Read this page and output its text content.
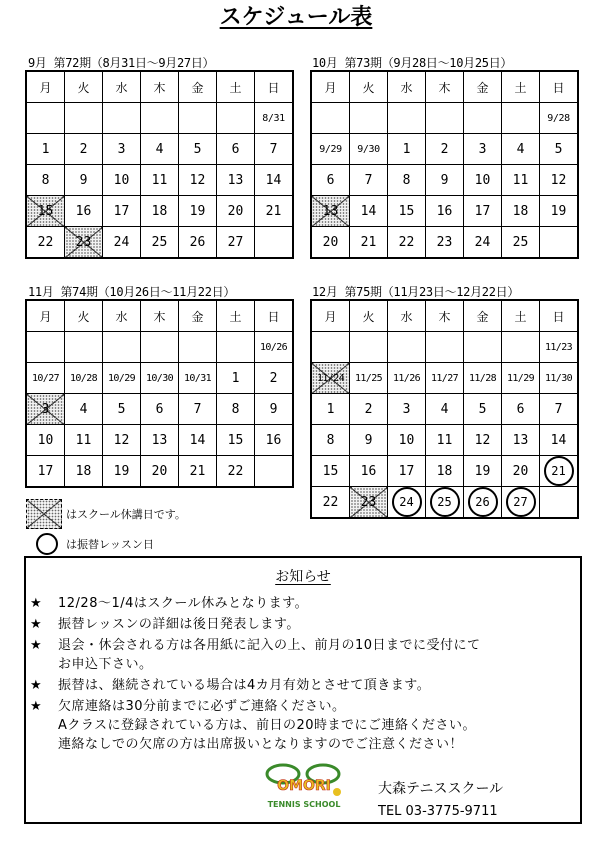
スケジュール表
9月 第72期（8月31日～9月27日）
月	火	水	木	金	土	日
						8/31
1	2	3	4	5	6	7
8	9	10	11	12	13	14
15	16	17	18	19	20	21
22	23	24	25	26	27	
10月 第73期（9月28日～10月25日）
月	火	水	木	金	土	日
						9/28
9/29	9/30	1	2	3	4	5
6	7	8	9	10	11	12
13	14	15	16	17	18	19
20	21	22	23	24	25	
11月 第74期（10月26日～11月22日）
月	火	水	木	金	土	日
						10/26
10/27	10/28	10/29	10/30	10/31	1	2
3	4	5	6	7	8	9
10	11	12	13	14	15	16
17	18	19	20	21	22	
12月 第75期（11月23日～12月22日）
月	火	水	木	金	土	日
						11/23
11/24	11/25	11/26	11/27	11/28	11/29	11/30
1	2	3	4	5	6	7
8	9	10	11	12	13	14
15	16	17	18	19	20	21
22	23	24	25	26	27	
はスクール休講日です。
は振替レッスン日
お知らせ
★	12/28～1/4はスクール休みとなります。
★	振替レッスンの詳細は後日発表します。
★	退会・休会される方は各用紙に記入の上、前月の10日までに受付にて
お申込下さい。
★	振替は、継続されている場合は4カ月有効とさせて頂きます。
★	欠席連絡は30分前までに必ずご連絡ください。
Aクラスに登録されている方は、前日の20時までにご連絡ください。
連絡なしでの欠席の方は出席扱いとなりますのでご注意ください！
OMORI
TENNIS SCHOOL
大森テニススクール
TEL 03-3775-9711
